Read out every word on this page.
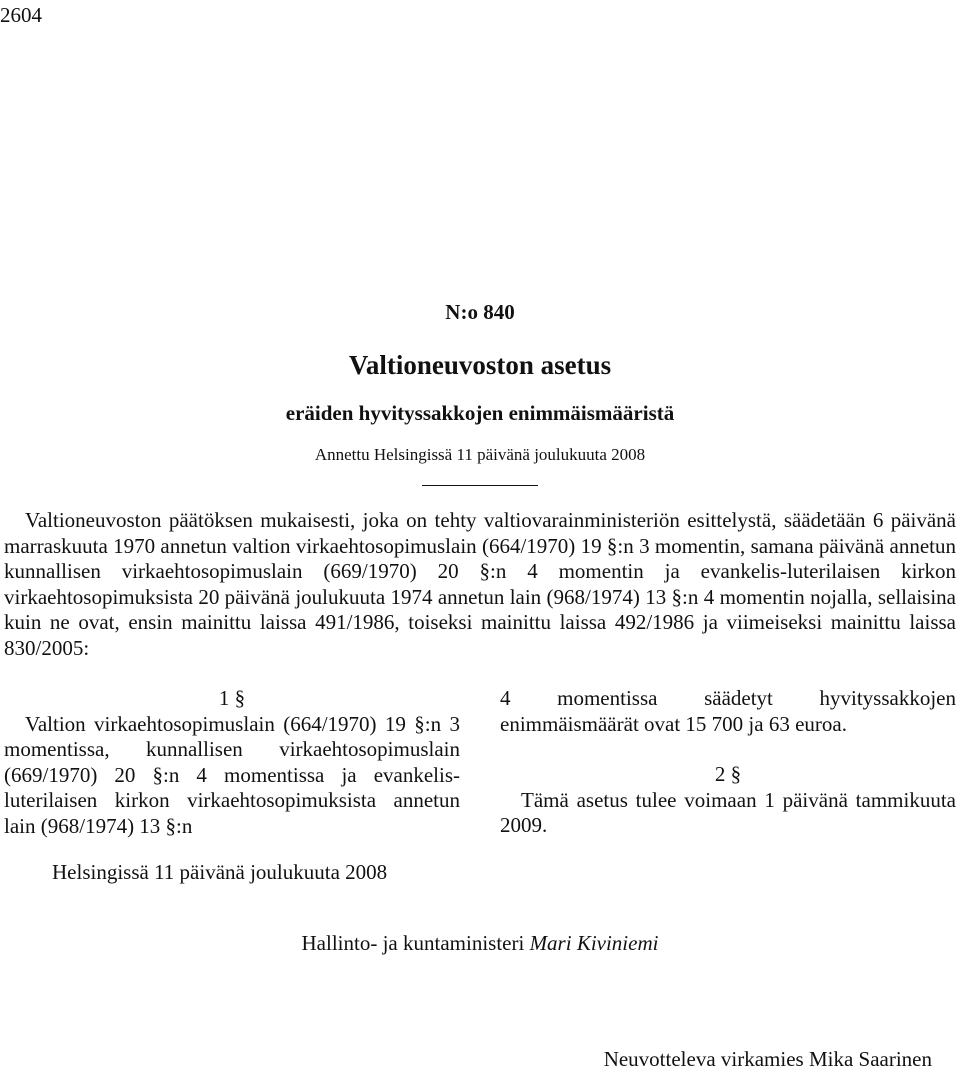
2604
N:o 840
Valtioneuvoston asetus
eräiden hyvityssakkojen enimmäismääristä
Annettu Helsingissä 11 päivänä joulukuuta 2008

Valtioneuvoston päätöksen mukaisesti, joka on tehty valtiovarainministeriön esittelystä, säädetään 6 päivänä marraskuuta 1970 annetun valtion virkaehtosopimuslain (664/1970) 19 §:n 3 momentin, samana päivänä annetun kunnallisen virkaehtosopimuslain (669/1970) 20 §:n 4 momentin ja evankelis-luterilaisen kirkon virkaehtosopimuksista 20 päivänä joulukuuta 1974 annetun lain (968/1974) 13 §:n 4 momentin nojalla, sellaisina kuin ne ovat, ensin mainittu laissa 491/1986, toiseksi mainittu laissa 492/1986 ja viimeiseksi mainittu laissa 830/2005:

1 §

Valtion virkaehtosopimuslain (664/1970) 19 §:n 3 momentissa, kunnallisen virkaehtosopimuslain (669/1970) 20 §:n 4 momentissa ja evankelis-luterilaisen kirkon virkaehtosopimuksista annetun lain (968/1974) 13 §:n

4 momentissa säädetyt hyvityssakkojen enimmäismäärät ovat 15 700 ja 63 euroa.

2 §

Tämä asetus tulee voimaan 1 päivänä tammikuuta 2009.

Helsingissä 11 päivänä joulukuuta 2008
Hallinto- ja kuntaministeri Mari Kiviniemi
Neuvotteleva virkamies Mika Saarinen
